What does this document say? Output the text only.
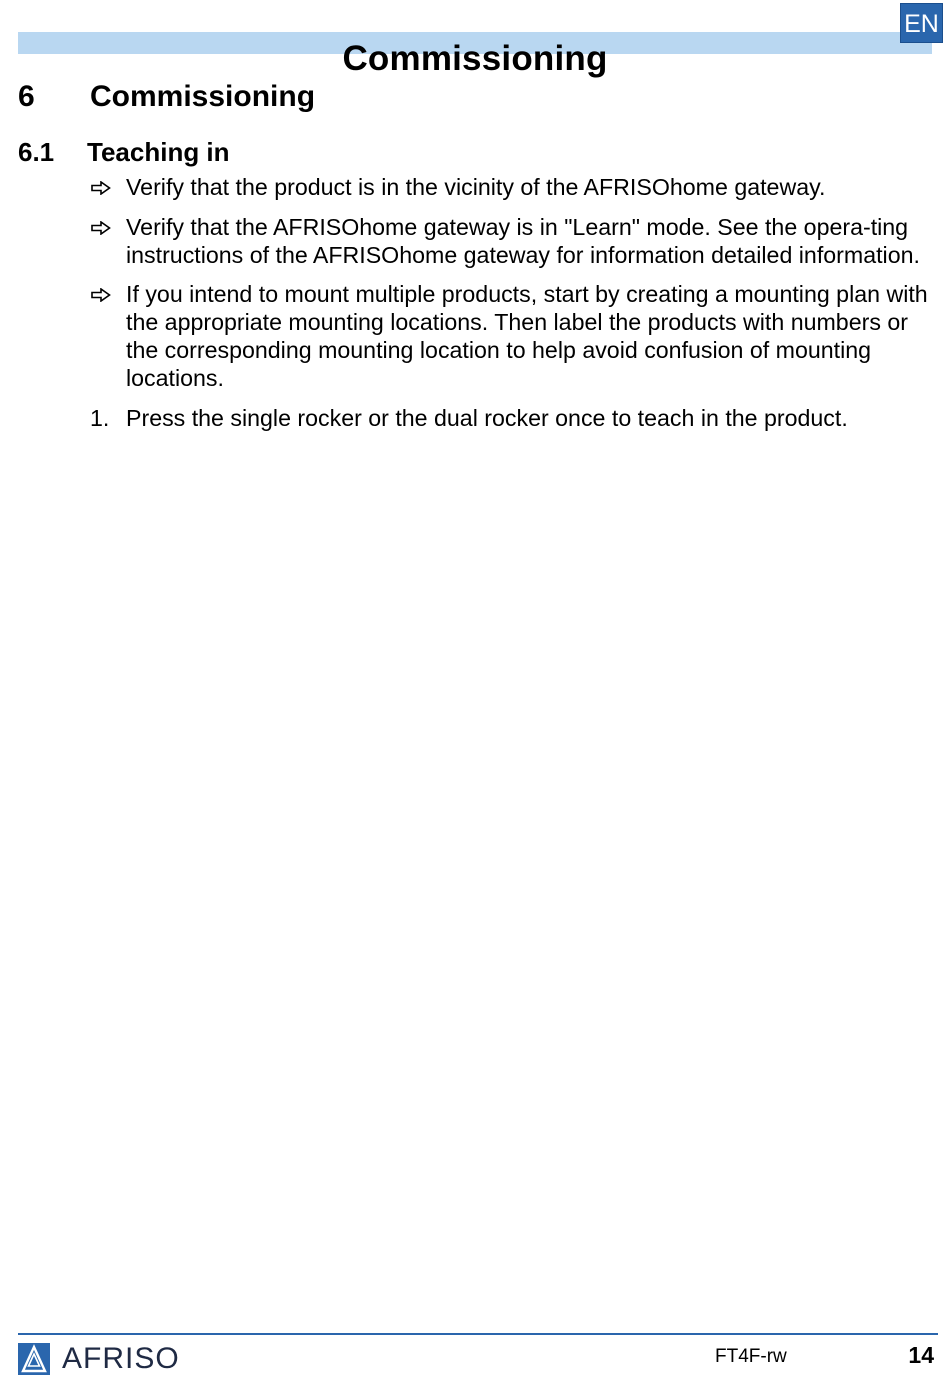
Commissioning
EN
6 Commissioning
6.1 Teaching in
Verify that the product is in the vicinity of the AFRISOhome gateway.
Verify that the AFRISOhome gateway is in "Learn" mode. See the opera-ting instructions of the AFRISOhome gateway for information detailed information.
If you intend to mount multiple products, start by creating a mounting plan with the appropriate mounting locations. Then label the products with numbers or the corresponding mounting location to help avoid confusion of mounting locations.
1. Press the single rocker or the dual rocker once to teach in the product.
AFRISO	FT4F-rw	14
